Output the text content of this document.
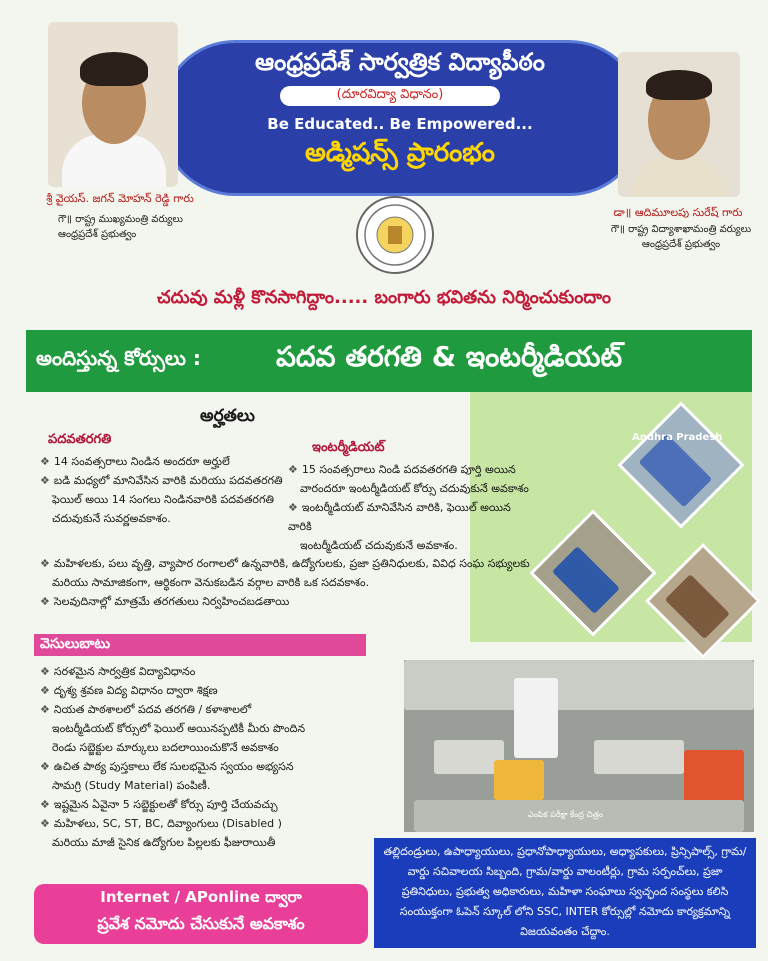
ఆంధ్రప్రదేశ్ సార్వత్రిక విద్యాపీఠం
(దూరవిద్యా విధానం)
Be Educated.. Be Empowered...
అడ్మిషన్స్ ప్రారంభం
శ్రీ వైయస్. జగన్ మోహన్ రెడ్డి గారు
గౌ॥ రాష్ట్ర ముఖ్యమంత్రి వర్యులు
ఆంధ్రప్రదేశ్ ప్రభుత్వం
డా॥ ఆదిమూలపు సురేష్ గారు
గౌ॥ రాష్ట్ర విద్యాశాఖామంత్రి వర్యులు
ఆంధ్రప్రదేశ్ ప్రభుత్వం
చదువు మళ్లీ కొనసాగిద్దాం..... బంగారు భవితను నిర్మించుకుందాం
అందిస్తున్న కోర్సులు :	పదవ తరగతి & ఇంటర్మీడియట్
అర్హతలు
పదవతరగతి
❖ 14 సంవత్సరాలు నిండిన అందరూ అర్హులే
❖ బడి మధ్యలో మానివేసిన వారికి మరియు పదవతరగతి
ఫెయిల్ అయి 14 సంగలు నిండినవారికి పదవతరగతి
చదువుకునే సువర్ణఅవకాశం.
ఇంటర్మీడియట్
❖ 15 సంవత్సరాలు నిండి పదవతరగతి పూర్తి అయిన
వారందరూ ఇంటర్మీడియట్ కోర్సు చదువుకునే అవకాశం
❖ ఇంటర్మీడియట్ మానివేసిన వారికి, ఫెయిల్ అయిన వారికి
ఇంటర్మీడియట్ చదువుకునే అవకాశం.
❖ మహిళలకు, పలు వృత్తి, వ్యాపార రంగాలలో ఉన్నవారికి, ఉద్యోగులకు, ప్రజా ప్రతినిధులకు, వివిధ సంఘ సభ్యులకు
మరియు సామాజికంగా, ఆర్థికంగా వెనుకబడిన వర్గాల వారికి ఒక సదవకాశం.
❖ సెలవుదినాల్లో మాత్రమే తరగతులు నిర్వహించబడతాయి
Andhra Pradesh
వెసులుబాటు
❖ సరళమైన సార్వత్రిక విద్యావిధానం
❖ దృశ్య శ్రవణ విద్య విధానం ద్వారా శిక్షణ
❖ నియత పాఠశాలలో పదవ తరగతి / కళాశాలలో
ఇంటర్మీడియట్ కోర్సులో ఫెయిల్ అయినప్పటికీ మీరు పొందిన
రెండు సబ్జెక్టుల మార్కులు బదలాయించుకొనే అవకాశం
❖ ఉచిత పాఠ్య పుస్తకాలు లేక సులభమైన స్వయం అభ్యసన
సామగ్రి (Study Material) పంపిణీ.
❖ ఇష్టమైన ఏవైనా 5 సబ్జెక్టులతో కోర్సు పూర్తి చేయవచ్చు
❖ మహిళలు, SC, ST, BC, దివ్యాంగులు (Disabled )
మరియు మాజీ సైనిక ఉద్యోగుల పిల్లలకు ఫీజురాయితీ
ఎంపిక పరీక్షా కేంద్ర చిత్రం
Internet / APonline ద్వారా
ప్రవేశ నమోదు చేసుకునే అవకాశం
తల్లిదండ్రులు, ఉపాధ్యాయులు, ప్రధానోపాధ్యాయులు, అధ్యాపకులు, ప్రిన్సిపాల్స్, గ్రామ/వార్డు సచివాలయ సిబ్బంది, గ్రామ/వార్డు వాలంటీర్లు, గ్రామ సర్పంచ్‌లు, ప్రజా ప్రతినిధులు, ప్రభుత్వ అధికారులు, మహిళా సంఘాలు స్వచ్ఛంద సంస్థలు కలిసి సంయుక్తంగా ఓపెన్ స్కూల్ లోని SSC, INTER కోర్సుల్లో నమోదు కార్యక్రమాన్ని విజయవంతం చేద్దాం.
